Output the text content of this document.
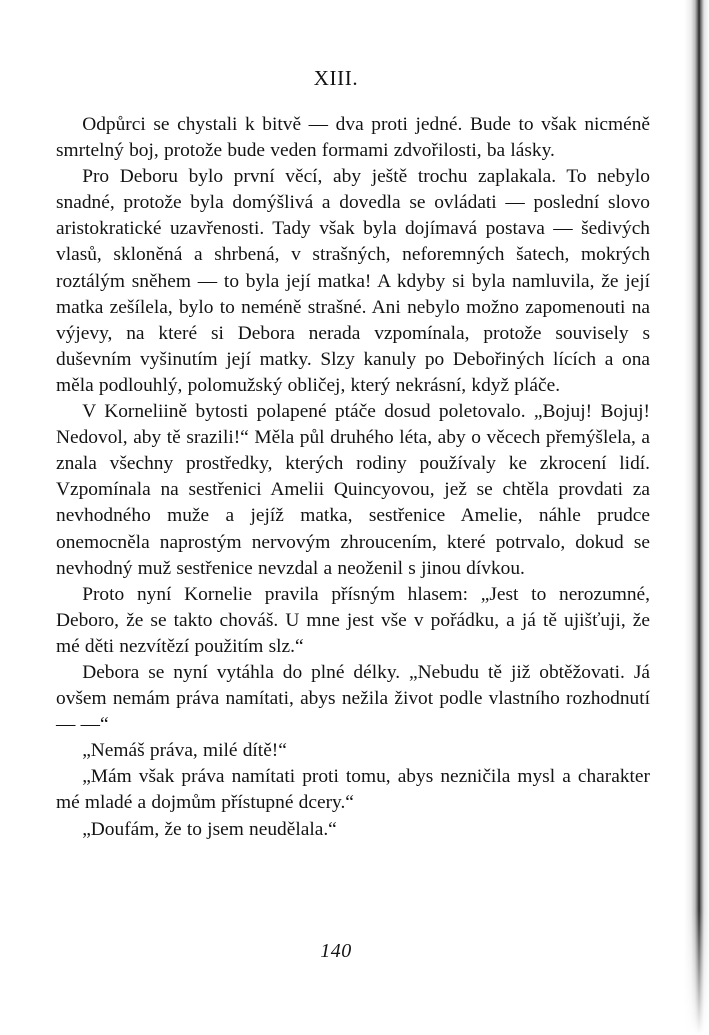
XIII.

Odpůrci se chystali k bitvě — dva proti jedné. Bude to však nicméně smrtelný boj, protože bude veden formami zdvořilosti, ba lásky.

Pro Deboru bylo první věcí, aby ještě trochu zaplakala. To nebylo snadné, protože byla domýšlivá a dovedla se ovládati — poslední slovo aristokratické uzavřenosti. Tady však byla dojímavá postava — šedivých vlasů, skloněná a shrbená, v strašných, neforemných šatech, mokrých roztálým sněhem — to byla její matka! A kdyby si byla namluvila, že její matka zešílela, bylo to neméně strašné. Ani nebylo možno zapomenouti na výjevy, na které si Debora nerada vzpomínala, protože souvisely s duševním vyšinutím její matky. Slzy kanuly po Debořiných lících a ona měla podlouhlý, polomužský obličej, který nekrásní, když pláče.

V Korneliině bytosti polapené ptáče dosud poletovalo. „Bojuj! Bojuj! Nedovol, aby tě srazili!“ Měla půl druhého léta, aby o věcech přemýšlela, a znala všechny prostředky, kterých rodiny používaly ke zkrocení lidí. Vzpomínala na sestřenici Amelii Quincyovou, jež se chtěla provdati za nevhodného muže a jejíž matka, sestřenice Amelie, náhle prudce onemocněla naprostým nervovým zhroucením, které potrvalo, dokud se nevhodný muž sestřenice nevzdal a neoženil s jinou dívkou.

Proto nyní Kornelie pravila přísným hlasem: „Jest to nerozumné, Deboro, že se takto chováš. U mne jest vše v pořádku, a já tě ujišťuji, že mé děti nezvítězí použitím slz.“

Debora se nyní vytáhla do plné délky. „Nebudu tě již obtěžovati. Já ovšem nemám práva namítati, abys nežila život podle vlastního rozhodnutí — —“

„Nemáš práva, milé dítě!“

„Mám však práva namítati proti tomu, abys nezničila mysl a charakter mé mladé a dojmům přístupné dcery.“

„Doufám, že to jsem neudělala.“

140
